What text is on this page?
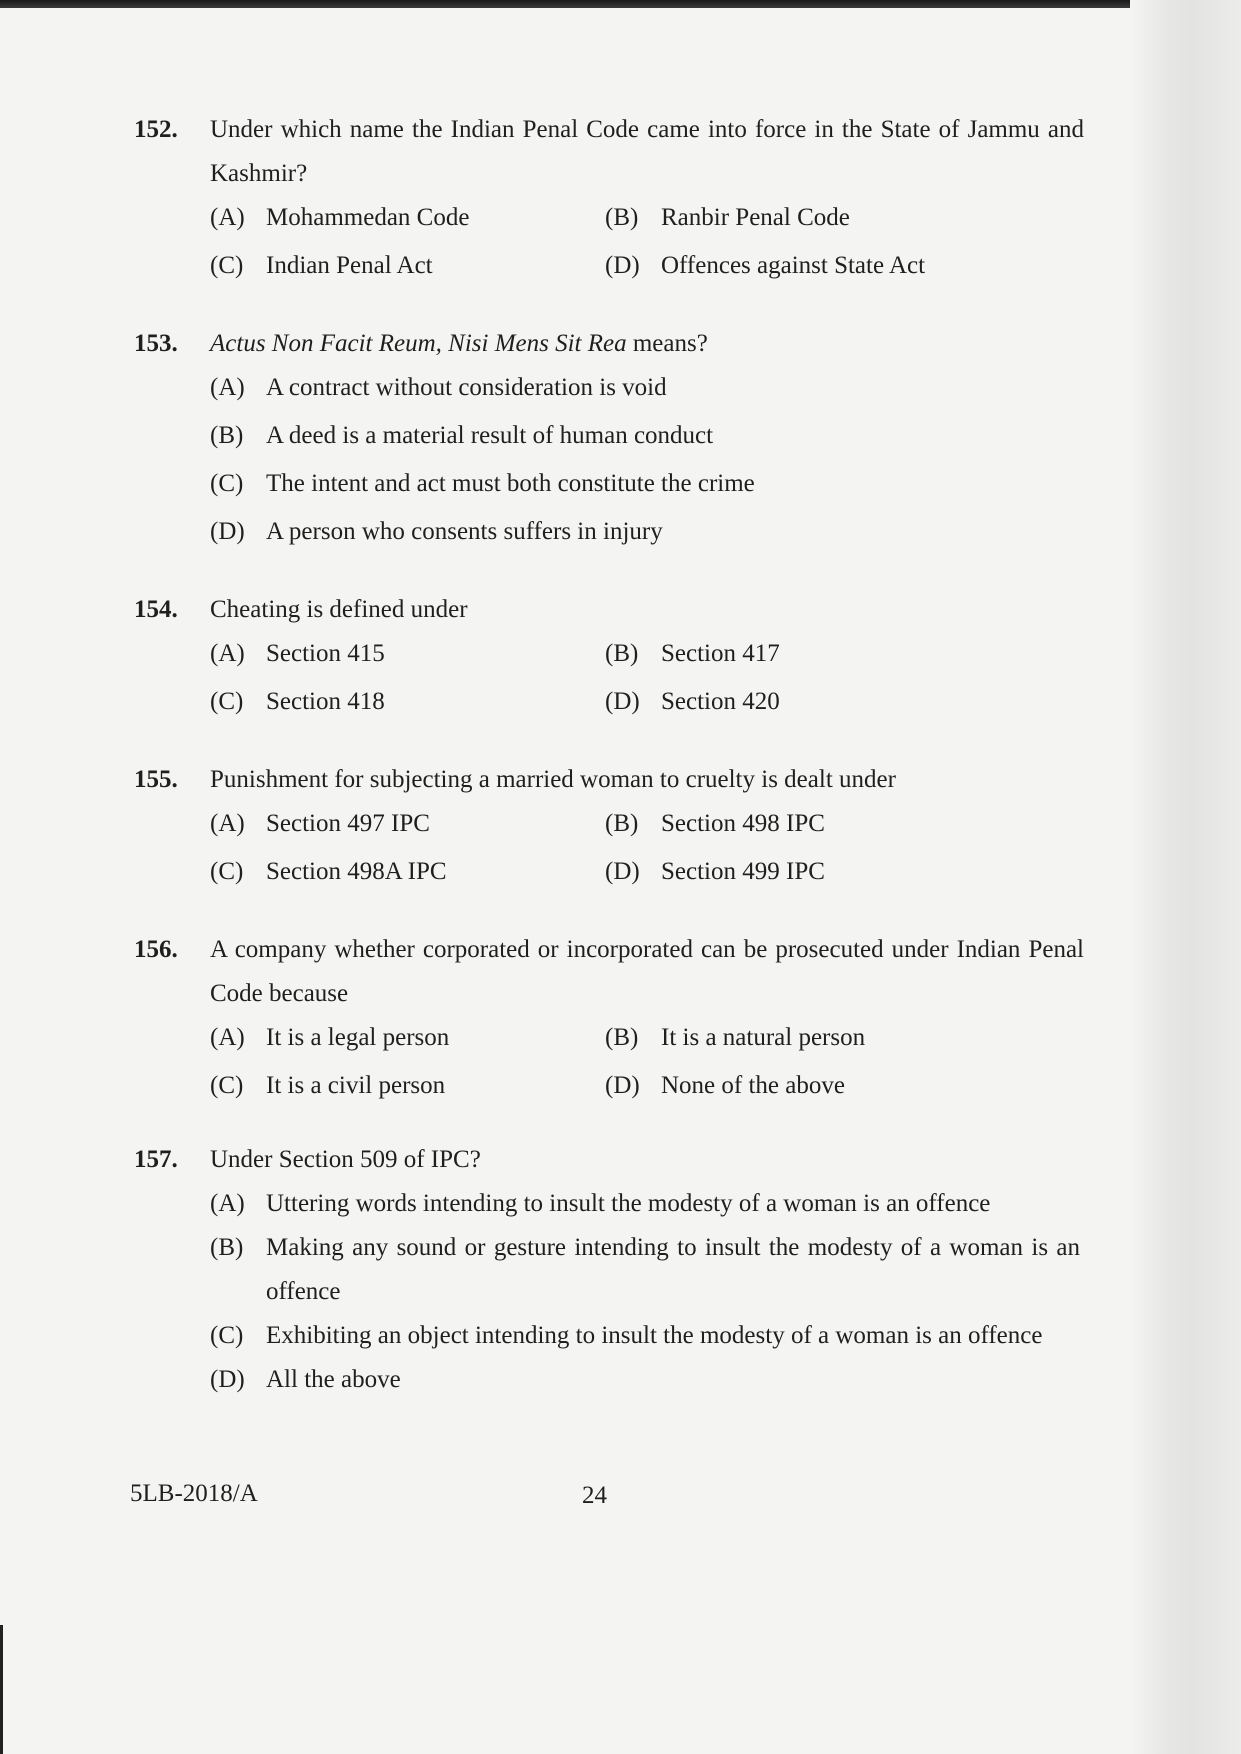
152.	Under which name the Indian Penal Code came into force in the State of Jammu and Kashmir?
(A) Mohammedan Code	(B) Ranbir Penal Code
(C) Indian Penal Act	(D) Offences against State Act
153.	Actus Non Facit Reum, Nisi Mens Sit Rea means?
(A) A contract without consideration is void
(B) A deed is a material result of human conduct
(C) The intent and act must both constitute the crime
(D) A person who consents suffers in injury
154.	Cheating is defined under
(A) Section 415	(B) Section 417
(C) Section 418	(D) Section 420
155.	Punishment for subjecting a married woman to cruelty is dealt under
(A) Section 497 IPC	(B) Section 498 IPC
(C) Section 498A IPC	(D) Section 499 IPC
156.	A company whether corporated or incorporated can be prosecuted under Indian Penal Code because
(A) It is a legal person	(B) It is a natural person
(C) It is a civil person	(D) None of the above
157.	Under Section 509 of IPC?
(A) Uttering words intending to insult the modesty of a woman is an offence
(B) Making any sound or gesture intending to insult the modesty of a woman is an offence
(C) Exhibiting an object intending to insult the modesty of a woman is an offence
(D) All the above
5LB-2018/A	24
